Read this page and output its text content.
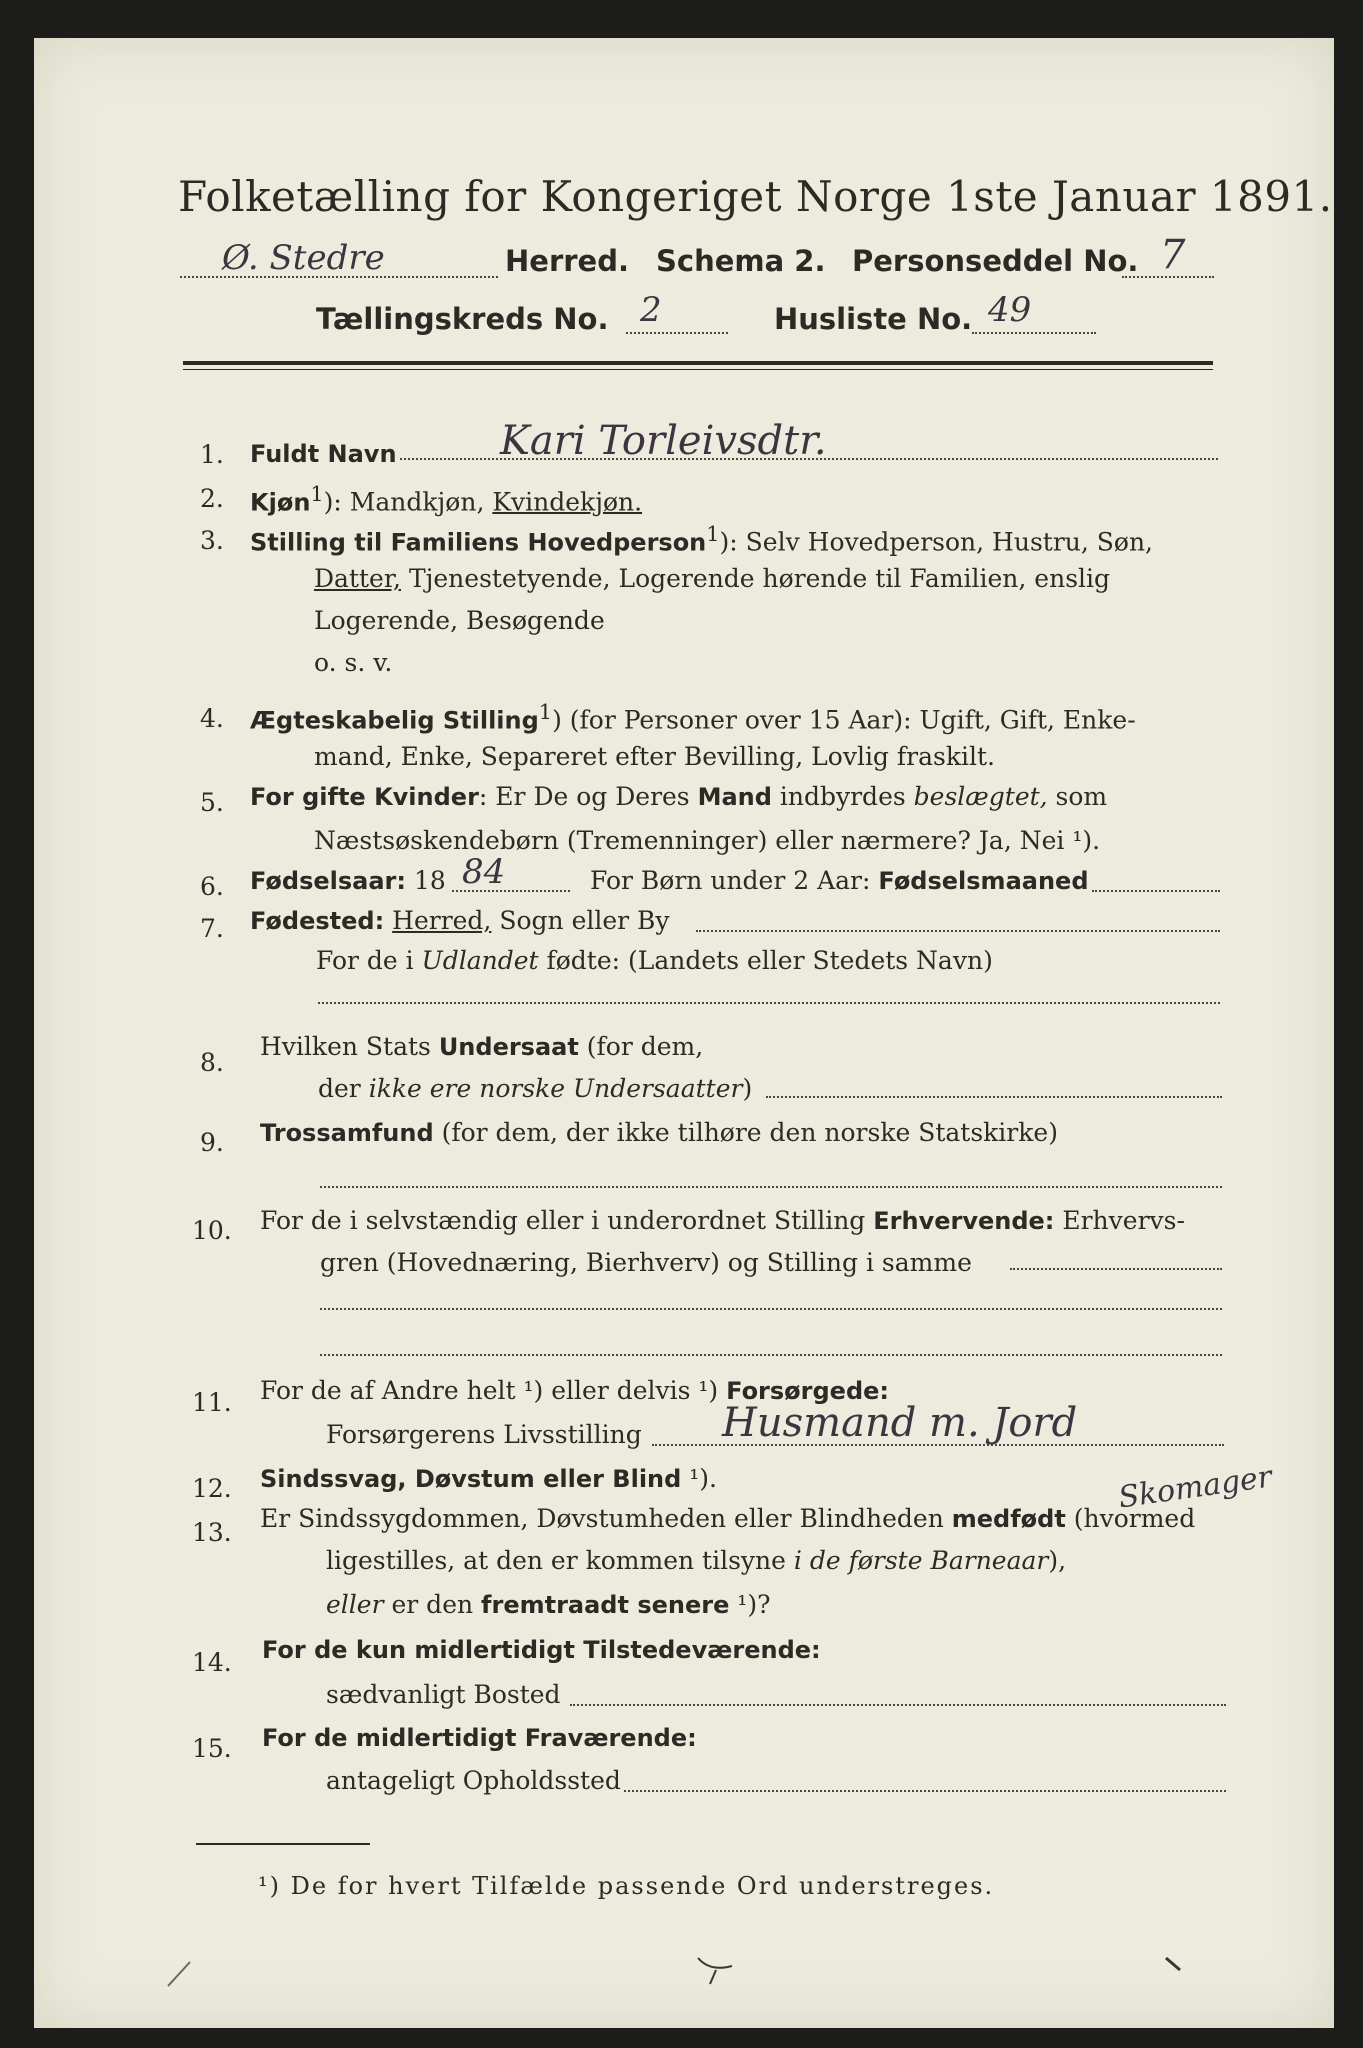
Folketælling for Kongeriget Norge 1ste Januar 1891.
Ø. Stedre	Herred. Schema 2. Personseddel No. 7
Tællingskreds No. 2	Husliste No. 49
1. Fuldt Navn	Kari Torleivsdtr.
2. Kjøn$^1$): Mandkjøn, Kvindekjøn.
3. Stilling til Familiens Hovedperson$^1$): Selv Hovedperson, Hustru, Søn,
Datter, Tjenestetyende, Logerende hørende til Familien, enslig
Logerende, Besøgende
o. s. v.
4. Ægteskabelig Stilling$^1$) (for Personer over 15 Aar): Ugift, Gift, Enke-
mand, Enke, Separeret efter Bevilling, Lovlig fraskilt.
5. For gifte Kvinder: Er De og Deres Mand indbyrdes beslægtet, som
Næstsøskendebørn (Tremenninger) eller nærmere? Ja, Nei ¹).
6. Fødselsaar: 18 84	For Børn under 2 Aar: Fødselsmaaned
7. Fødested: Herred, Sogn eller By
For de i Udlandet fødte: (Landets eller Stedets Navn)
8.
Hvilken Stats Undersaat (for dem,
der ikke ere norske Undersaatter)
9. Trossamfund (for dem, der ikke tilhøre den norske Statskirke)
10. For de i selvstændig eller i underordnet Stilling Erhvervende: Erhvervs-
gren (Hovednæring, Bierhverv) og Stilling i samme
11. For de af Andre helt ¹) eller delvis ¹) Forsørgede:
Forsørgerens Livsstilling Husmand m. Jord
Skomager
12. Sindssvag, Døvstum eller Blind ¹).
13. Er Sindssygdommen, Døvstumheden eller Blindheden medfødt (hvormed
ligestilles, at den er kommen tilsyne i de første Barneaar),
eller er den fremtraadt senere ¹)?
14. For de kun midlertidigt Tilstedeværende:
sædvanligt Bosted
15. For de midlertidigt Fraværende:
antageligt Opholdssted
¹) De for hvert Tilfælde passende Ord understreges.
